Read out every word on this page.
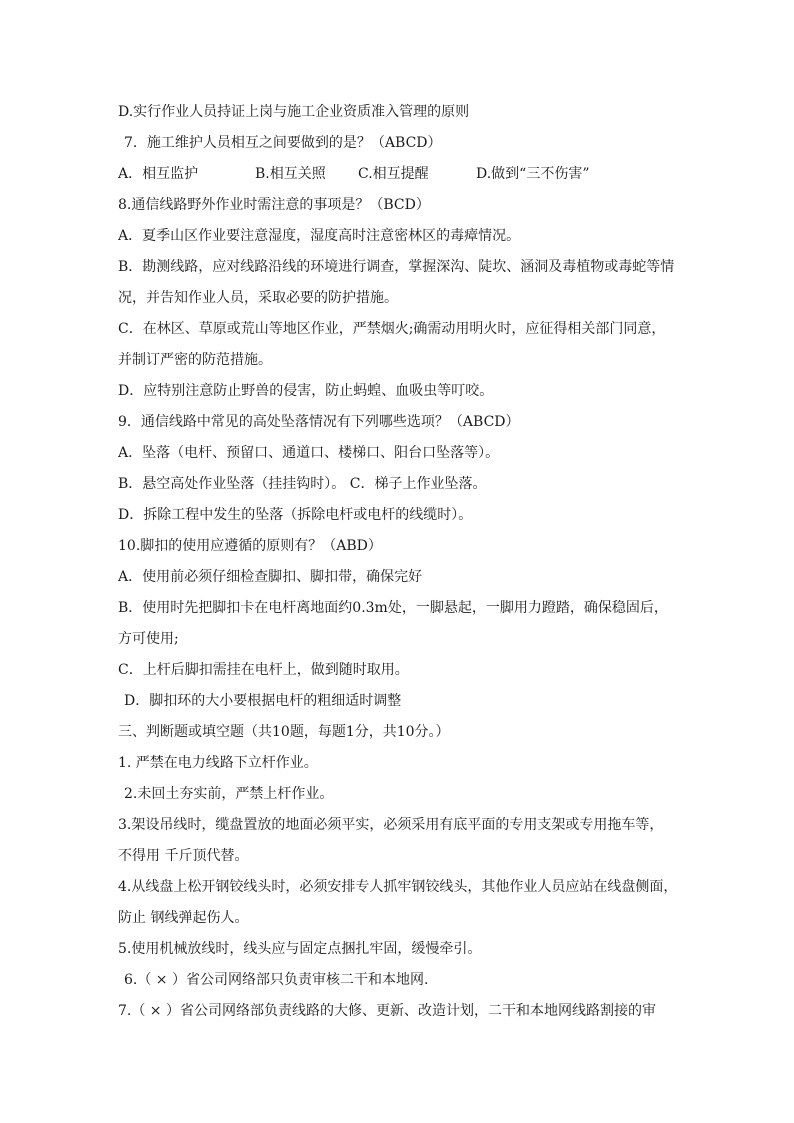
D.实行作业人员持证上岗与施工企业资质准入管理的原则
7．施工维护人员相互之间要做到的是？（ABCD）
A．相互监护	B.相互关照	C.相互提醒	D.做到“三不伤害”
8.通信线路野外作业时需注意的事项是？（BCD）
A．夏季山区作业要注意湿度，湿度高时注意密林区的毒瘴情况。
B．勘测线路，应对线路沿线的环境进行调查，掌握深沟、陡坎、涵洞及毒植物或毒蛇等情
况，并告知作业人员，采取必要的防护措施。
C．在林区、草原或荒山等地区作业，严禁烟火;确需动用明火时，应征得相关部门同意，
并制订严密的防范措施。
D．应特别注意防止野兽的侵害，防止蚂蝗、血吸虫等叮咬。
9．通信线路中常见的高处坠落情况有下列哪些选项？（ABCD）
A．坠落（电杆、预留口、通道口、楼梯口、阳台口坠落等）。
B．悬空高处作业坠落（挂挂钩时）。 C．梯子上作业坠落。
D．拆除工程中发生的坠落（拆除电杆或电杆的线缆时）。
10.脚扣的使用应遵循的原则有？（ABD）
A．使用前必须仔细检查脚扣、脚扣带，确保完好
B．使用时先把脚扣卡在电杆离地面约0.3m处，一脚悬起，一脚用力蹬踏，确保稳固后，
方可使用;
C．上杆后脚扣需挂在电杆上，做到随时取用。
D．脚扣环的大小要根据电杆的粗细适时调整
三、判断题或填空题（共10题，每题1分，共10分。）
1. 严禁在电力线路下立杆作业。
2.未回土夯实前，严禁上杆作业。
3.架设吊线时，缆盘置放的地面必须平实，必须采用有底平面的专用支架或专用拖车等，
不得用 千斤顶代替。
4.从线盘上松开钢铰线头时，必须安排专人抓牢钢铰线头，其他作业人员应站在线盘侧面，
防止 钢线弹起伤人。
5.使用机械放线时，线头应与固定点捆扎牢固，缓慢牵引。
6.（ × ）省公司网络部只负责审核二干和本地网.
7.（ × ）省公司网络部负责线路的大修、更新、改造计划，二干和本地网线路割接的审
